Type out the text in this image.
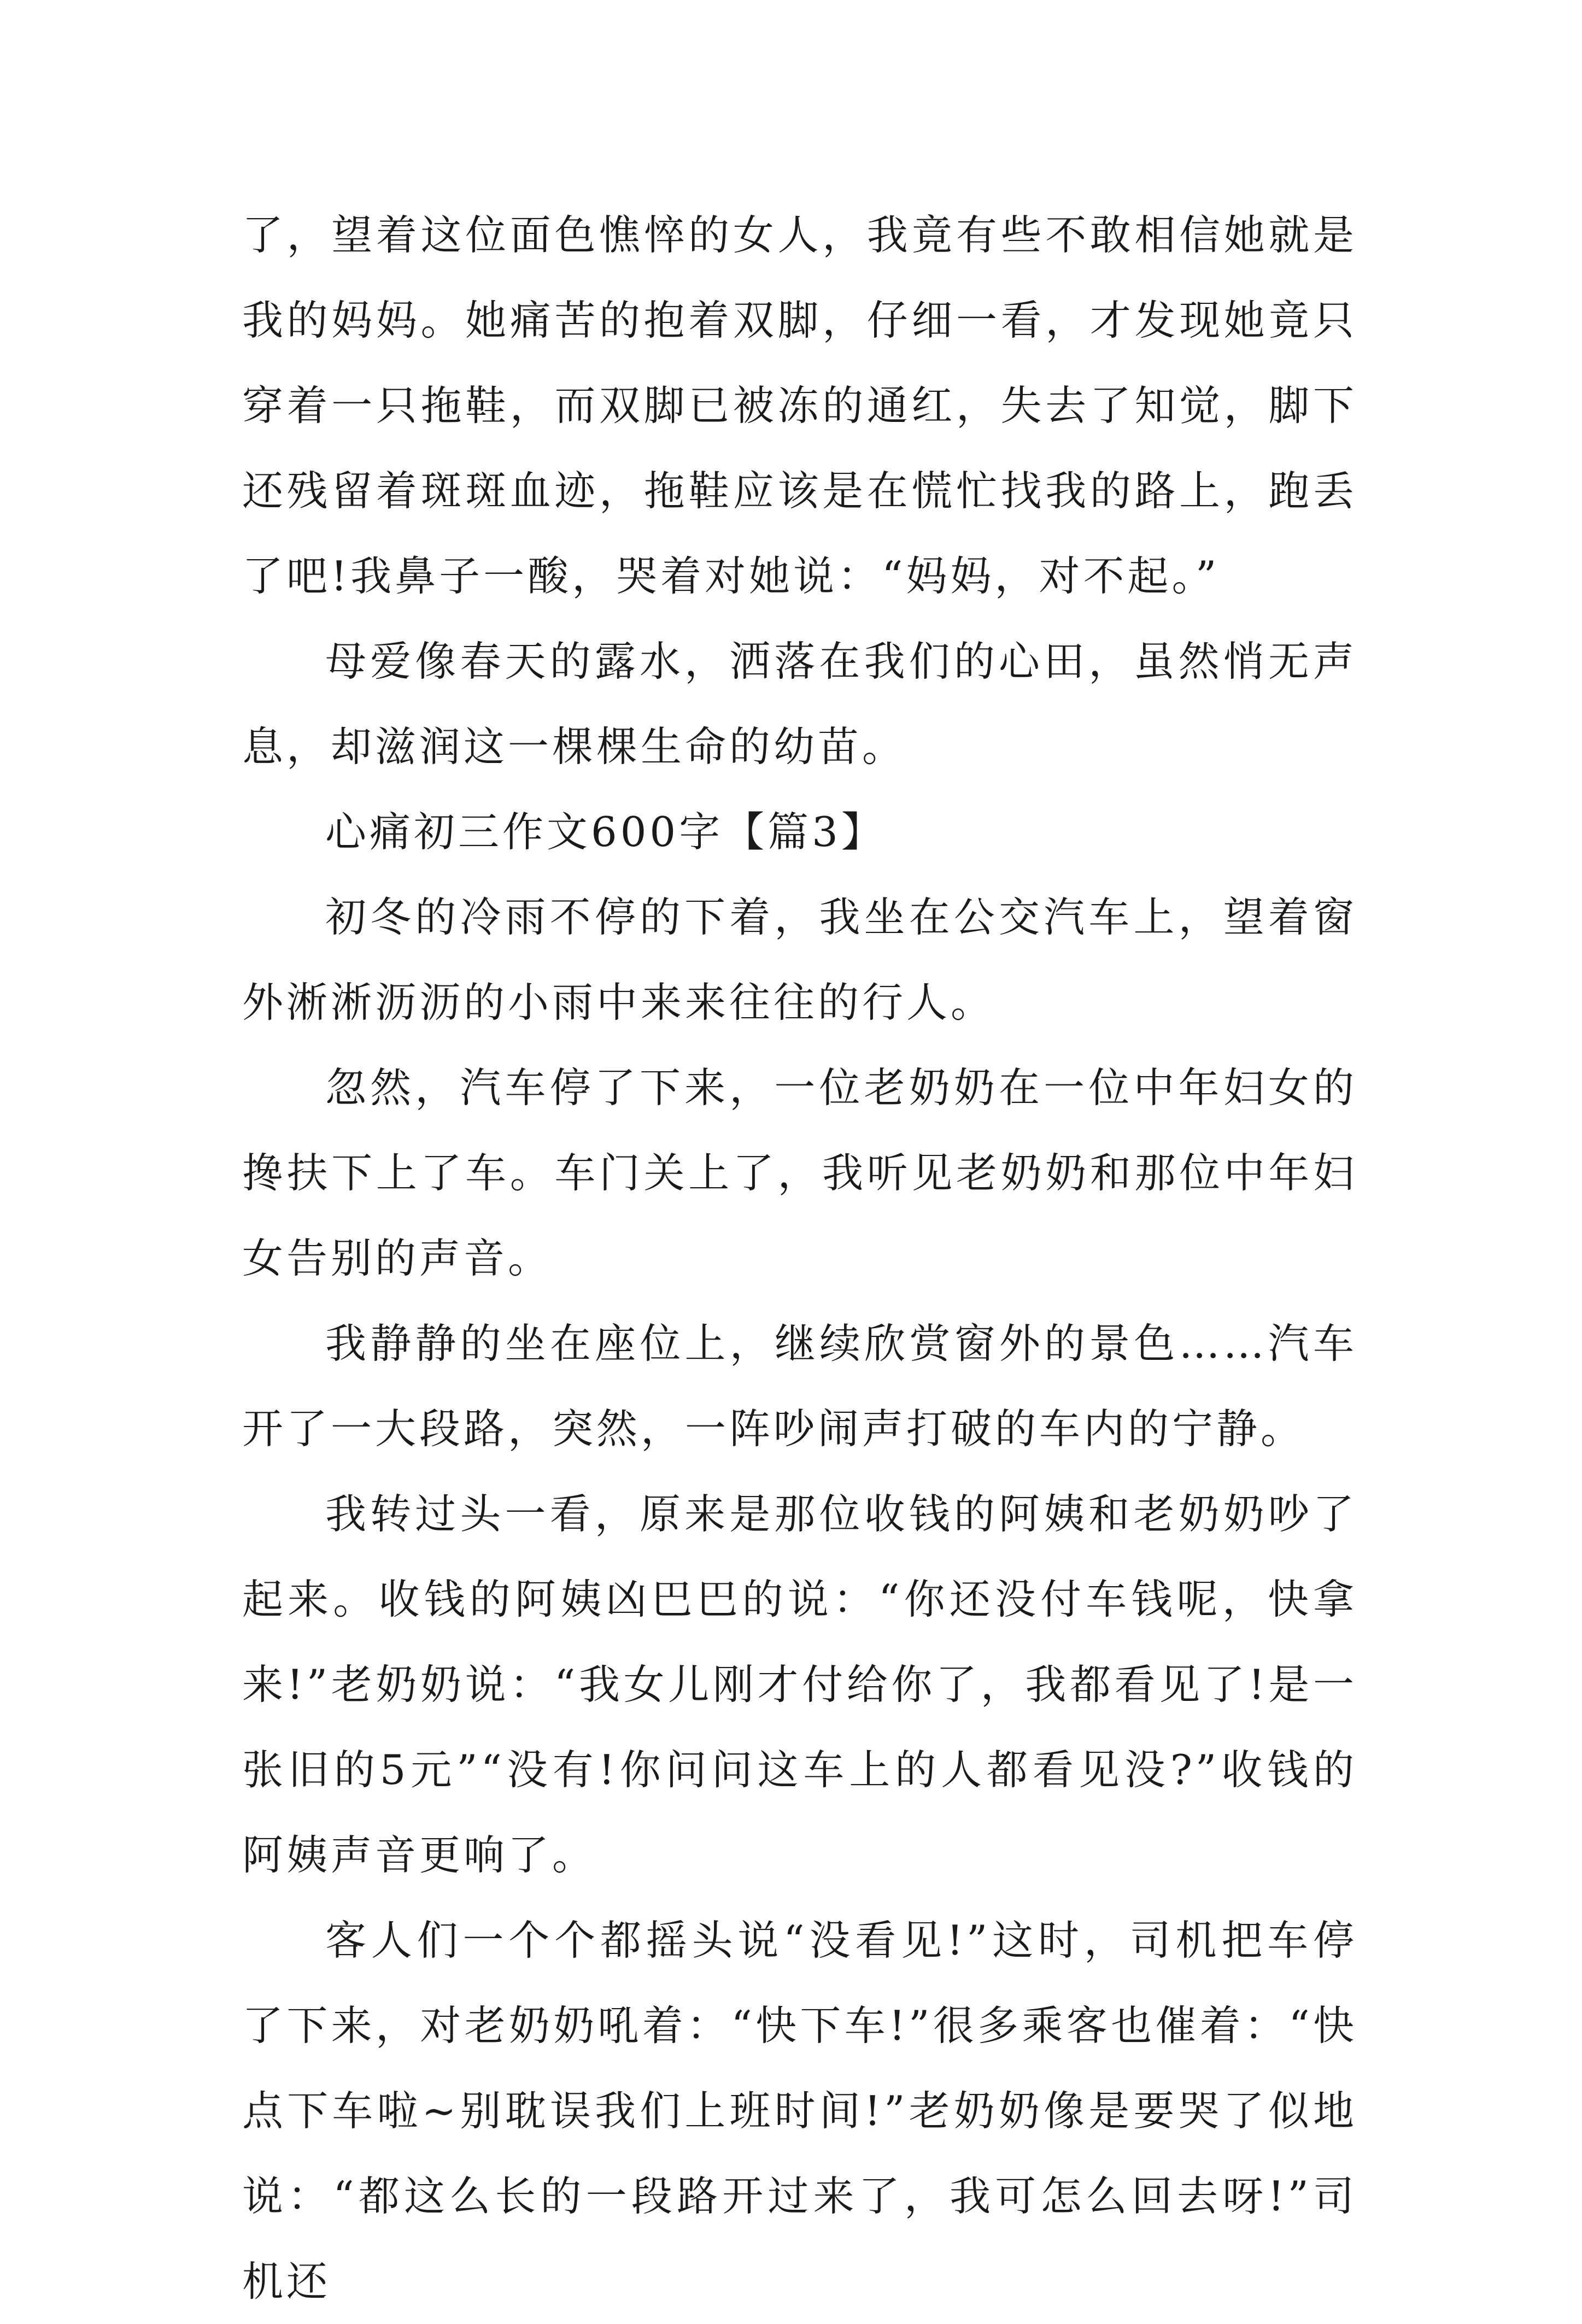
了，望着这位面色憔悴的女人，我竟有些不敢相信她就是我的妈妈。她痛苦的抱着双脚，仔细一看，才发现她竟只穿着一只拖鞋，而双脚已被冻的通红，失去了知觉，脚下还残留着斑斑血迹，拖鞋应该是在慌忙找我的路上，跑丢了吧!我鼻子一酸，哭着对她说：“妈妈，对不起。”

母爱像春天的露水，洒落在我们的心田，虽然悄无声息，却滋润这一棵棵生命的幼苗。

心痛初三作文600字【篇3】

初冬的冷雨不停的下着，我坐在公交汽车上，望着窗外淅淅沥沥的小雨中来来往往的行人。

忽然，汽车停了下来，一位老奶奶在一位中年妇女的搀扶下上了车。车门关上了，我听见老奶奶和那位中年妇女告别的声音。

我静静的坐在座位上，继续欣赏窗外的景色……汽车开了一大段路，突然，一阵吵闹声打破的车内的宁静。

我转过头一看，原来是那位收钱的阿姨和老奶奶吵了起来。收钱的阿姨凶巴巴的说：“你还没付车钱呢，快拿来!”老奶奶说：“我女儿刚才付给你了，我都看见了!是一张旧的5元”“没有!你问问这车上的人都看见没?”收钱的阿姨声音更响了。

客人们一个个都摇头说“没看见!”这时，司机把车停了下来，对老奶奶吼着：“快下车!”很多乘客也催着：“快点下车啦~别耽误我们上班时间!”老奶奶像是要哭了似地说：“都这么长的一段路开过来了，我可怎么回去呀!”司机还
